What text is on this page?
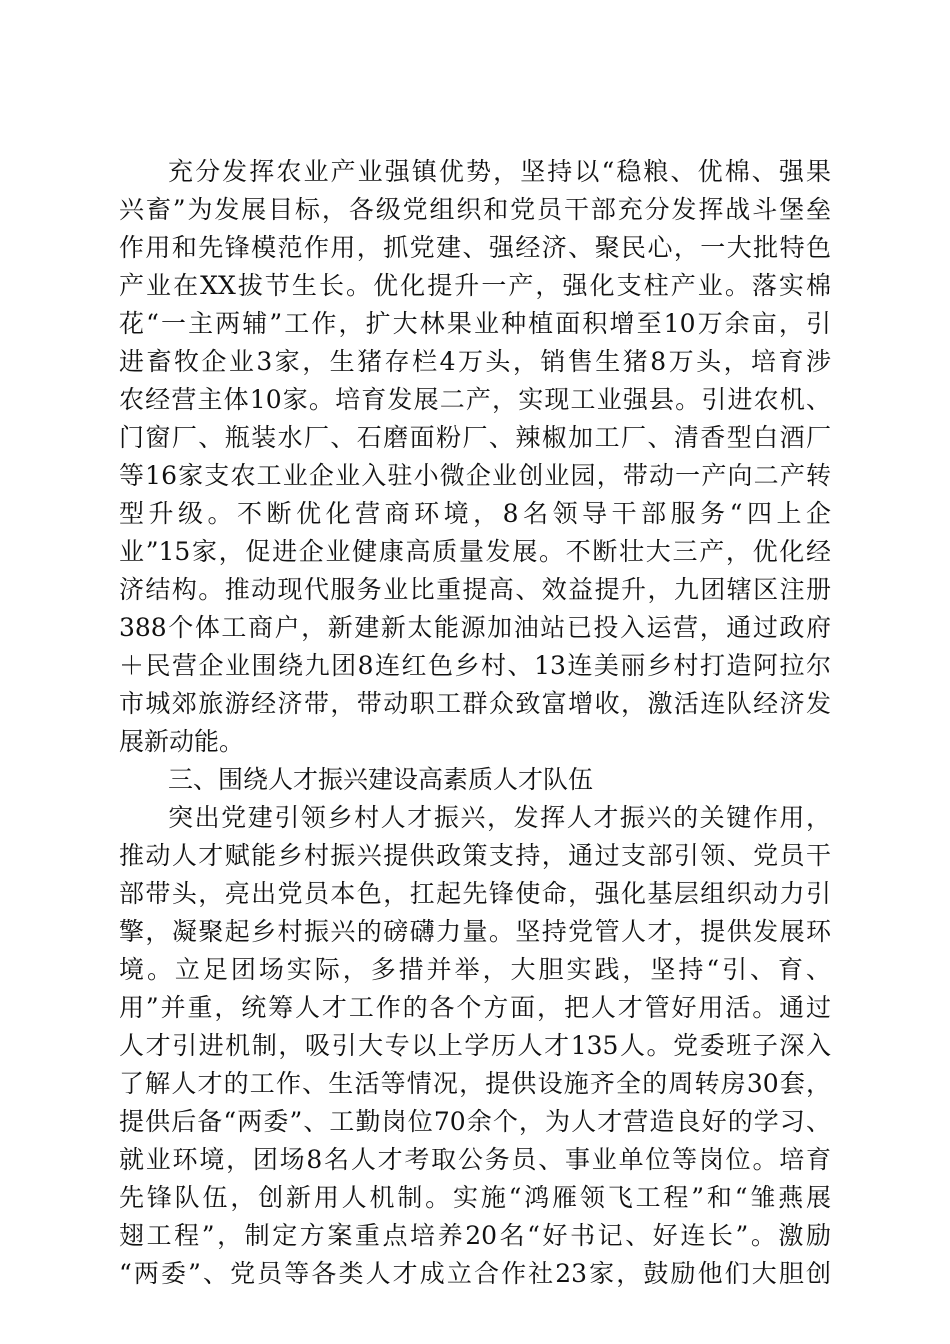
充分发挥农业产业强镇优势，坚持以“稳粮、优棉、强果
兴畜”为发展目标，各级党组织和党员干部充分发挥战斗堡垒
作用和先锋模范作用，抓党建、强经济、聚民心，一大批特色
产业在XX拔节生长。优化提升一产，强化支柱产业。落实棉
花“一主两辅”工作，扩大林果业种植面积增至10万余亩，引
进畜牧企业3家，生猪存栏4万头，销售生猪8万头，培育涉
农经营主体10家。培育发展二产，实现工业强县。引进农机、
门窗厂、瓶装水厂、石磨面粉厂、辣椒加工厂、清香型白酒厂
等16家支农工业企业入驻小微企业创业园，带动一产向二产转
型升级。不断优化营商环境，8名领导干部服务“四上企
业”15家，促进企业健康高质量发展。不断壮大三产，优化经
济结构。推动现代服务业比重提高、效益提升，九团辖区注册
388个体工商户，新建新太能源加油站已投入运营，通过政府
＋民营企业围绕九团8连红色乡村、13连美丽乡村打造阿拉尔
市城郊旅游经济带，带动职工群众致富增收，激活连队经济发
展新动能。
三、围绕人才振兴建设高素质人才队伍
突出党建引领乡村人才振兴，发挥人才振兴的关键作用，
推动人才赋能乡村振兴提供政策支持，通过支部引领、党员干
部带头，亮出党员本色，扛起先锋使命，强化基层组织动力引
擎，凝聚起乡村振兴的磅礴力量。坚持党管人才，提供发展环
境。立足团场实际，多措并举，大胆实践，坚持“引、育、
用”并重，统筹人才工作的各个方面，把人才管好用活。通过
人才引进机制，吸引大专以上学历人才135人。党委班子深入
了解人才的工作、生活等情况，提供设施齐全的周转房30套，
提供后备“两委”、工勤岗位70余个，为人才营造良好的学习、
就业环境，团场8名人才考取公务员、事业单位等岗位。培育
先锋队伍，创新用人机制。实施“鸿雁领飞工程”和“雏燕展
翅工程”，制定方案重点培养20名“好书记、好连长”。激励
“两委”、党员等各类人才成立合作社23家，鼓励他们大胆创
